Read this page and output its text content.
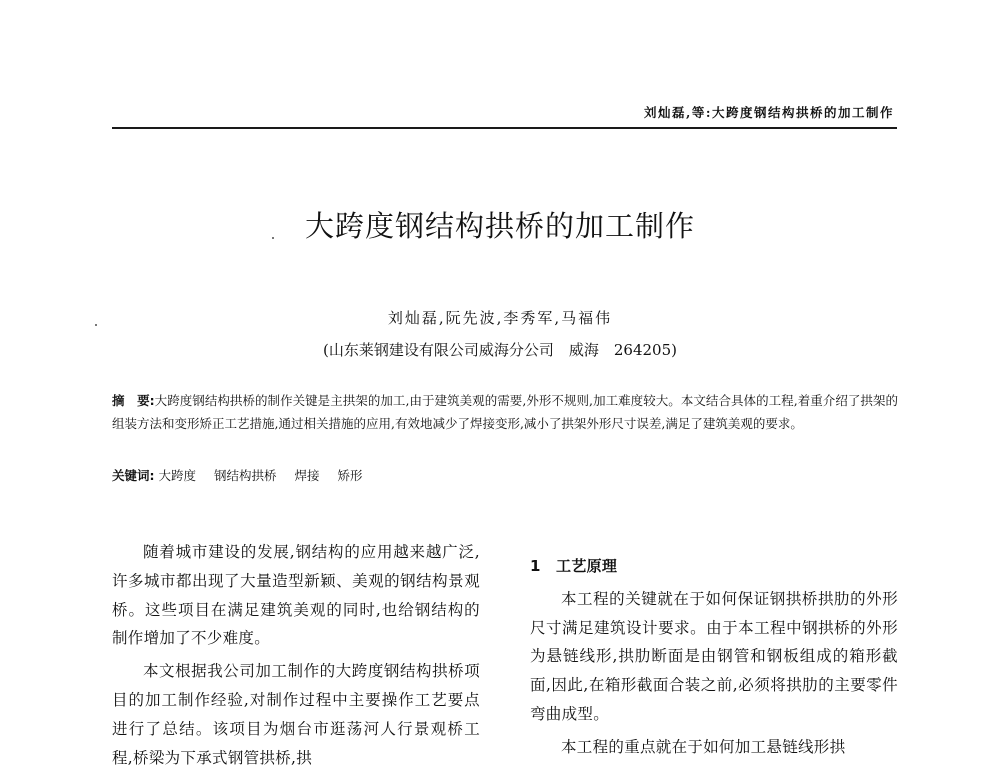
刘灿磊,等:大跨度钢结构拱桥的加工制作
大跨度钢结构拱桥的加工制作
刘灿磊,阮先波,李秀军,马福伟
(山东莱钢建设有限公司威海分公司　威海　264205)
摘　要:大跨度钢结构拱桥的制作关键是主拱架的加工,由于建筑美观的需要,外形不规则,加工难度较大。本文结合具体的工程,着重介绍了拱架的组装方法和变形矫正工艺措施,通过相关措施的应用,有效地减少了焊接变形,减小了拱架外形尺寸误差,满足了建筑美观的要求。
关键词: 大跨度 钢结构拱桥 焊接 矫形

随着城市建设的发展,钢结构的应用越来越广泛,许多城市都出现了大量造型新颖、美观的钢结构景观桥。这些项目在满足建筑美观的同时,也给钢结构的制作增加了不少难度。

本文根据我公司加工制作的大跨度钢结构拱桥项目的加工制作经验,对制作过程中主要操作工艺要点进行了总结。该项目为烟台市逛荡河人行景观桥工程,桥梁为下承式钢管拱桥,拱

1　工艺原理

本工程的关键就在于如何保证钢拱桥拱肋的外形尺寸满足建筑设计要求。由于本工程中钢拱桥的外形为悬链线形,拱肋断面是由钢管和钢板组成的箱形截面,因此,在箱形截面合装之前,必须将拱肋的主要零件弯曲成型。

本工程的重点就在于如何加工悬链线形拱
